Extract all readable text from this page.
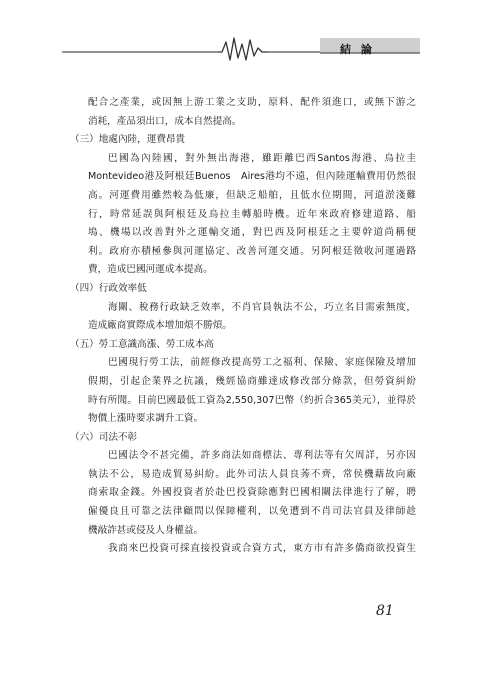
結 論
配合之產業，或因無上游工業之支助，原料、配件須進口，或無下游之
消耗，產品須出口，成本自然提高。
（三）地處內陸，運費昂貴
巴國為內陸國，對外無出海港，雖距離巴西Santos海港、烏拉圭
Montevideo港及阿根廷Buenos　Aires港均不遠，但內陸運輸費用仍然很
高。河運費用雖然較為低廉，但缺乏船舶，且低水位期間，河道淤淺難
行，時常延誤與阿根廷及烏拉圭轉船時機。近年來政府修建道路、船
塢、機場以改善對外之運輸交通，對巴西及阿根廷之主要幹道尚稱便
利。政府亦積極參與河運協定、改善河運交通。另阿根廷徵收河運過路
費，造成巴國河運成本提高。
（四）行政效率低
海關、稅務行政缺乏效率，不肖官員執法不公，巧立名目需索無度，
造成廠商實際成本增加煩不勝煩。
（五）勞工意識高漲、勞工成本高
巴國現行勞工法，前經修改提高勞工之福利、保險、家庭保險及增加
假期，引起企業界之抗議，幾經協商雖達成修改部分條款，但勞資糾紛
時有所聞。目前巴國最低工資為2,550,307巴幣（約折合365美元），並得於
物價上漲時要求調升工資。
（六）司法不彰
巴國法令不甚完備，許多商法如商標法、專利法等有欠周詳，另亦因
執法不公，易造成貿易糾紛。此外司法人員良莠不齊，常侯機藉故向廠
商索取金錢。外國投資者於赴巴投資除應對巴國相關法律進行了解，聘
僱優良且可靠之法律顧問以保障權利，以免遭到不肖司法官員及律師趁
機敲詐甚或侵及人身權益。
我商來巴投資可採直接投資或合資方式，東方市有許多僑商欲投資生
81
